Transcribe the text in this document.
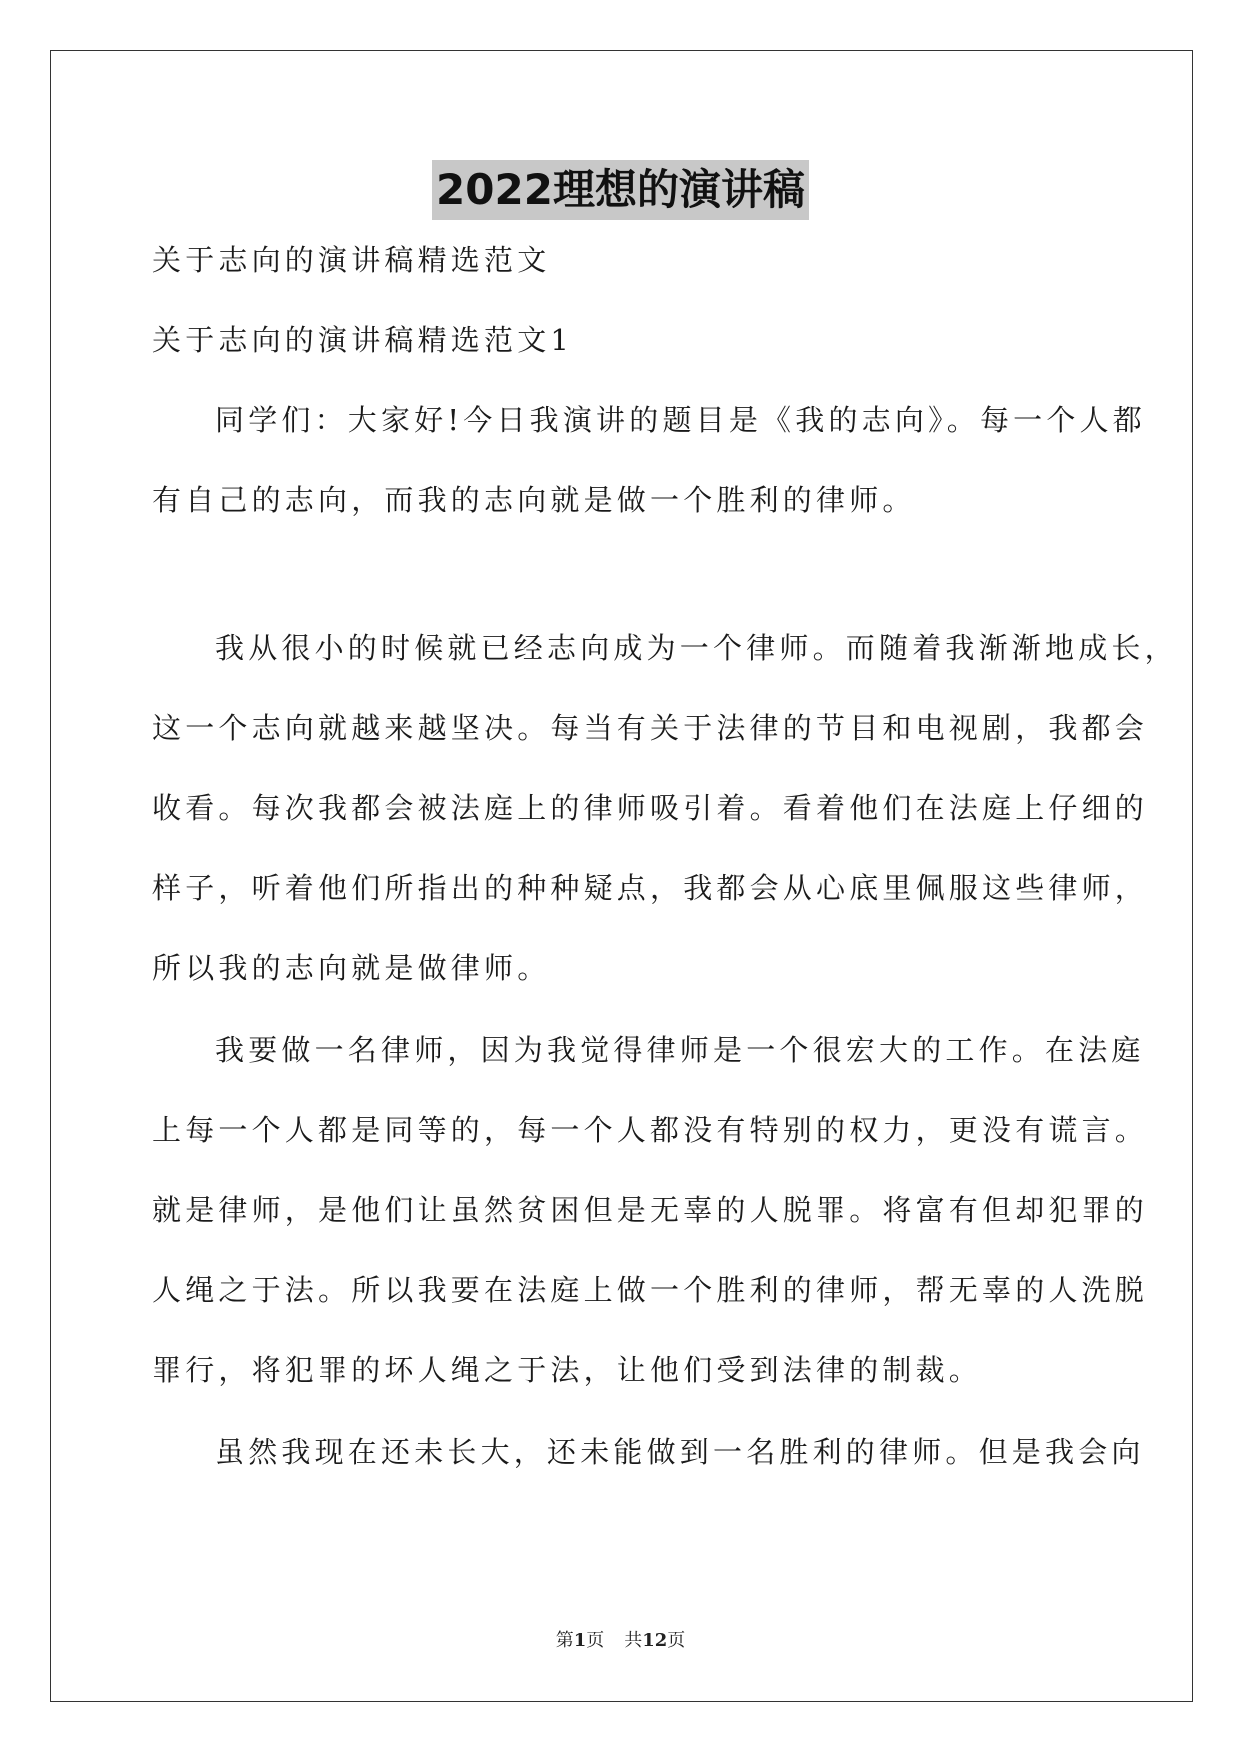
2022理想的演讲稿
关于志向的演讲稿精选范文
关于志向的演讲稿精选范文1
同学们：大家好!今日我演讲的题目是《我的志向》。每一个人都
有自己的志向，而我的志向就是做一个胜利的律师。
我从很小的时候就已经志向成为一个律师。而随着我渐渐地成长，
这一个志向就越来越坚决。每当有关于法律的节目和电视剧，我都会
收看。每次我都会被法庭上的律师吸引着。看着他们在法庭上仔细的
样子，听着他们所指出的种种疑点，我都会从心底里佩服这些律师，
所以我的志向就是做律师。
我要做一名律师，因为我觉得律师是一个很宏大的工作。在法庭
上每一个人都是同等的，每一个人都没有特别的权力，更没有谎言。
就是律师，是他们让虽然贫困但是无辜的人脱罪。将富有但却犯罪的
人绳之于法。所以我要在法庭上做一个胜利的律师，帮无辜的人洗脱
罪行，将犯罪的坏人绳之于法，让他们受到法律的制裁。
虽然我现在还未长大，还未能做到一名胜利的律师。但是我会向
第1页 共12页
